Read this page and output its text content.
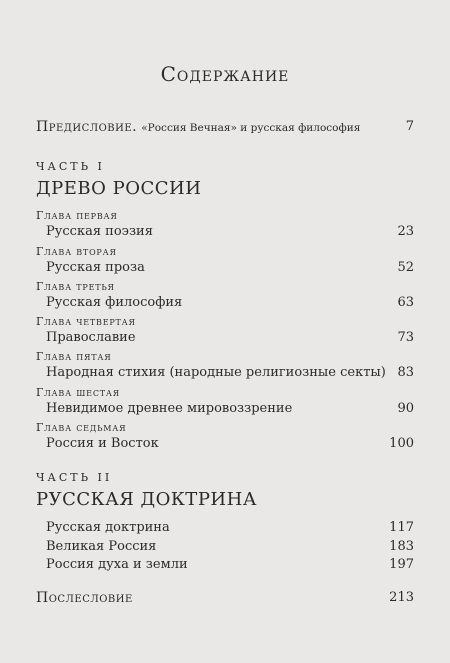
Содержание
Предисловие. «Россия Вечная» и русская философия	7
ЧАСТЬ I
ДРЕВО РОССИИ
Глава первая
Русская поэзия	23
Глава вторая
Русская проза	52
Глава третья
Русская философия	63
Глава четвертая
Православие	73
Глава пятая
Народная стихия (народные религиозные секты) 83
Глава шестая
Невидимое древнее мировоззрение	90
Глава седьмая
Россия и Восток	100
ЧАСТЬ II
РУССКАЯ ДОКТРИНА
Русская доктрина	117
Великая Россия	183
Россия духа и земли	197
Послесловие	213
